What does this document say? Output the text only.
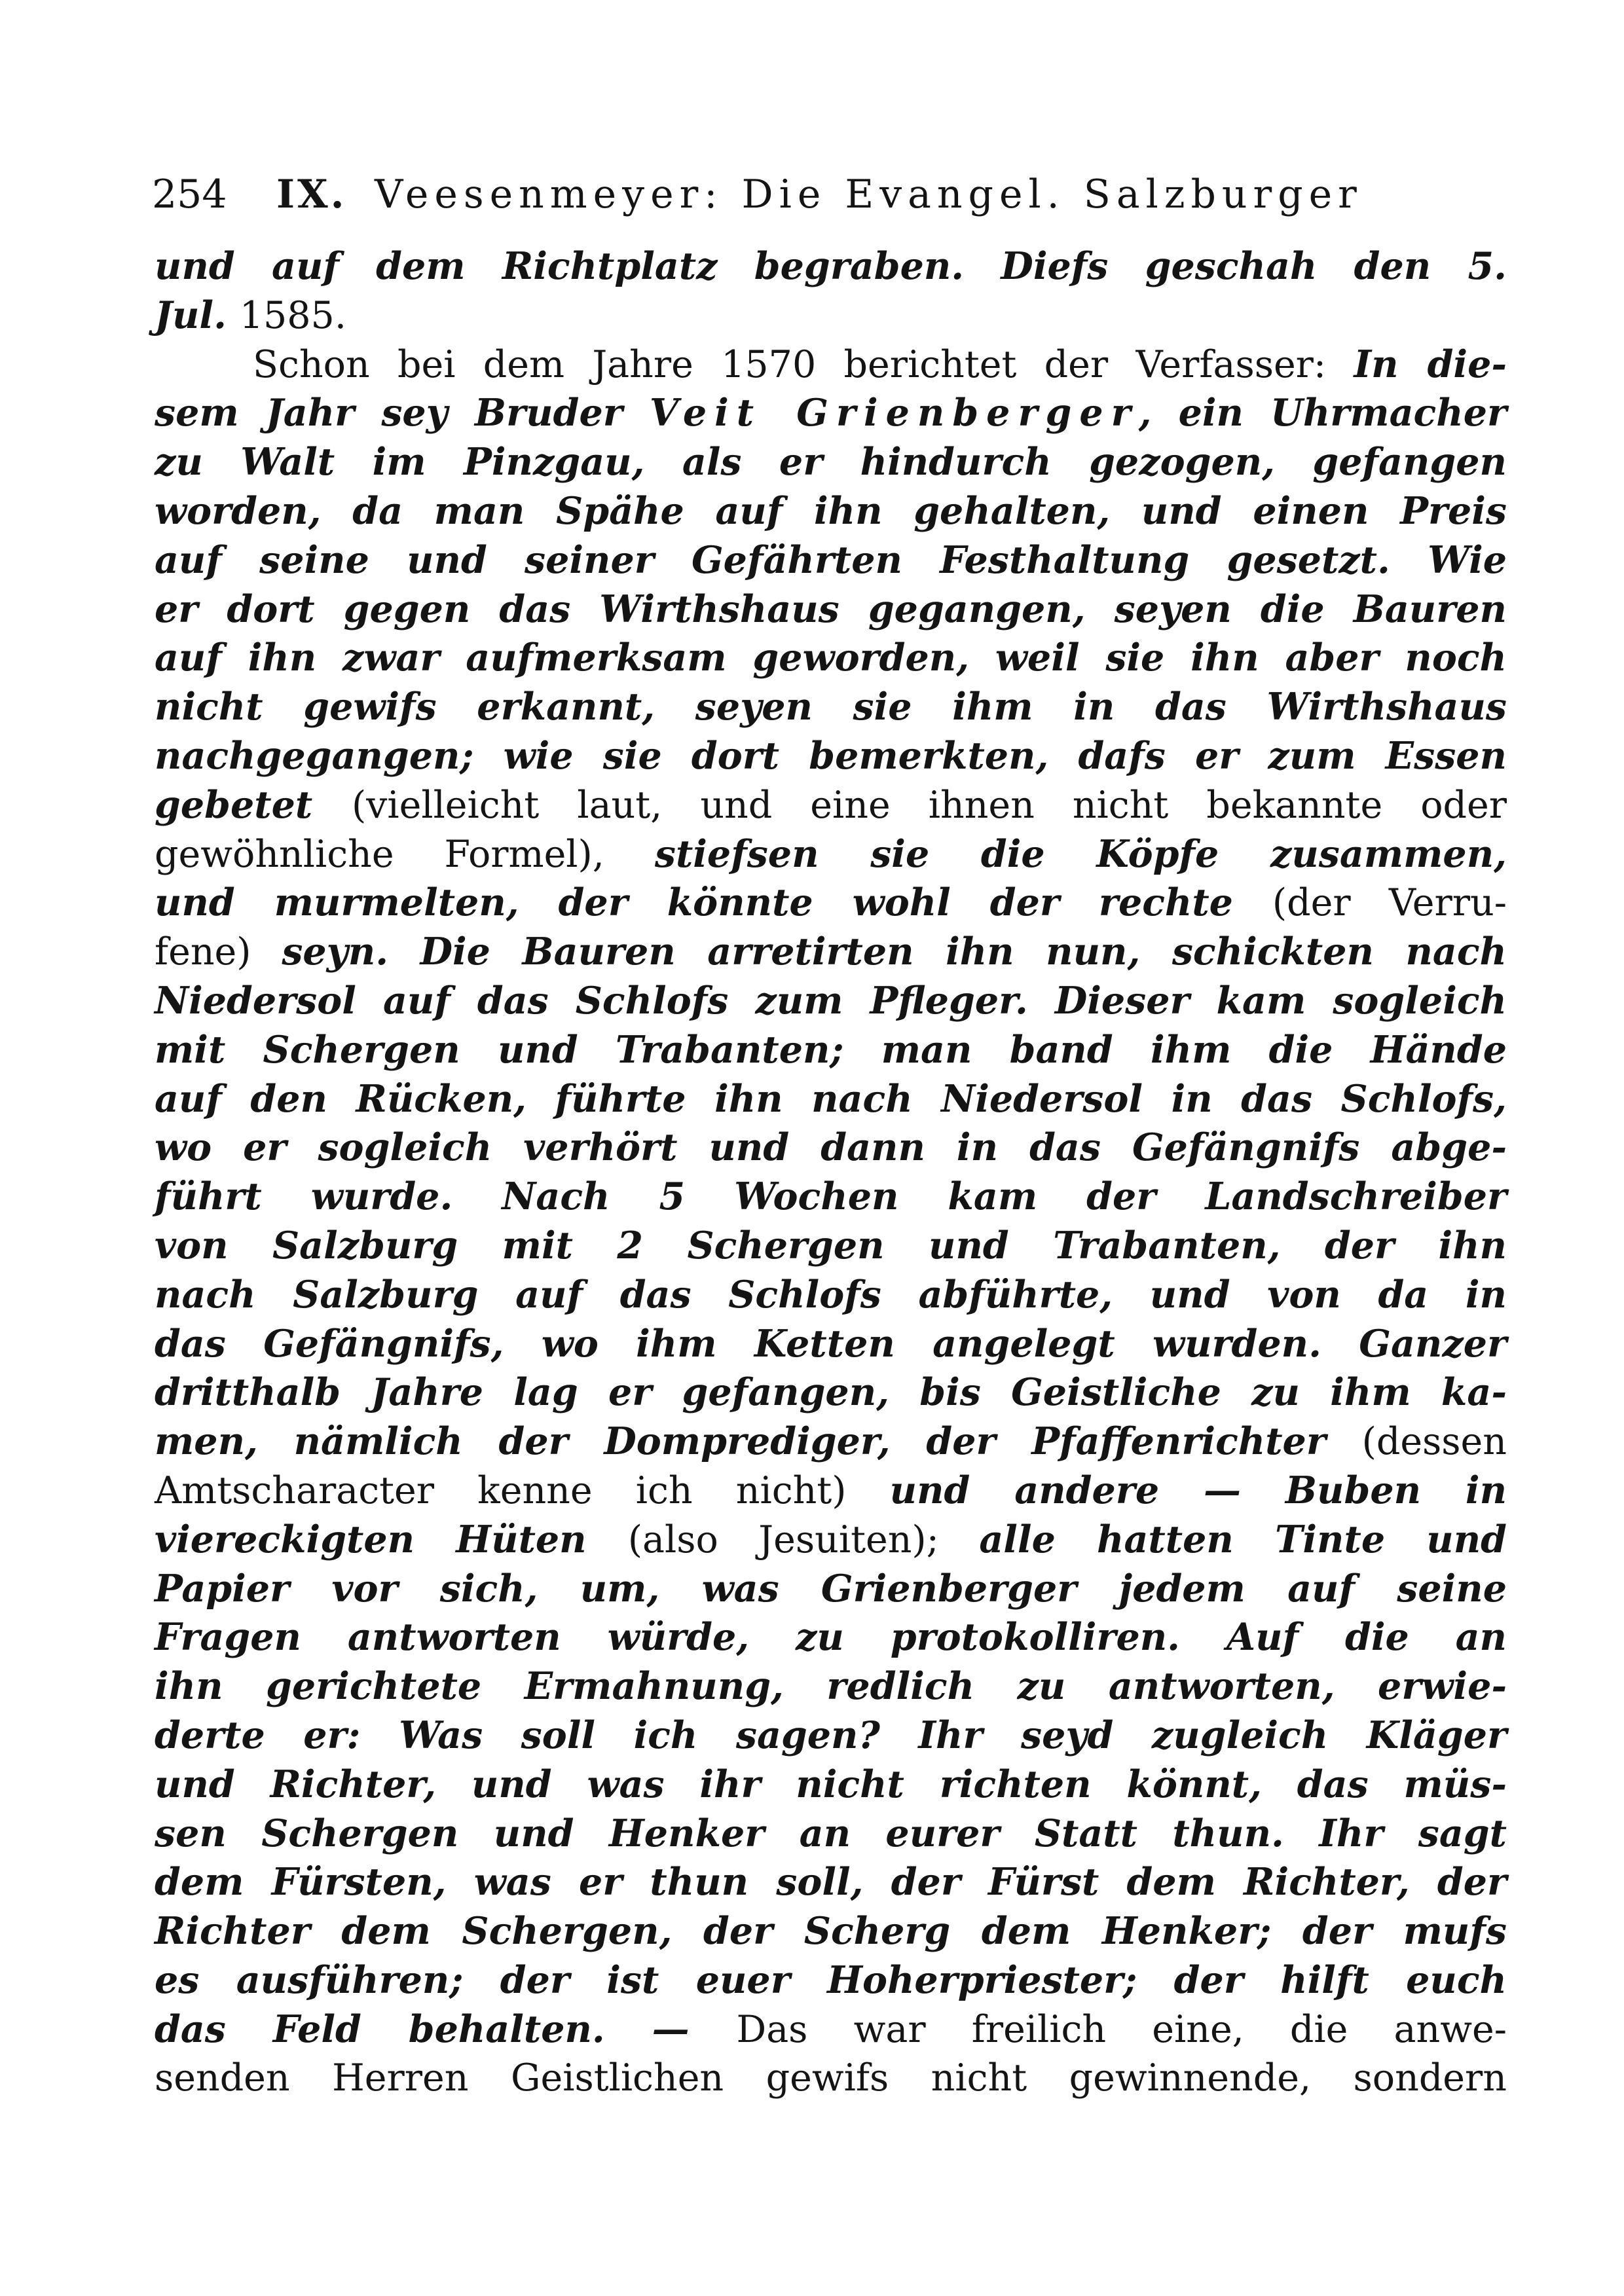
254	IX. Veesenmeyer: Die Evangel. Salzburger
und auf dem Richtplatz begraben. Diefs geschah den 5.
Jul. 1585.
Schon bei dem Jahre 1570 berichtet der Verfasser: In die-
sem Jahr sey Bruder Veit Grienberger, ein Uhrmacher
zu Walt im Pinzgau, als er hindurch gezogen, gefangen
worden, da man Spähe auf ihn gehalten, und einen Preis
auf seine und seiner Gefährten Festhaltung gesetzt. Wie
er dort gegen das Wirthshaus gegangen, seyen die Bauren
auf ihn zwar aufmerksam geworden, weil sie ihn aber noch
nicht gewifs erkannt, seyen sie ihm in das Wirthshaus
nachgegangen; wie sie dort bemerkten, dafs er zum Essen
gebetet (vielleicht laut, und eine ihnen nicht bekannte oder
gewöhnliche Formel), stiefsen sie die Köpfe zusammen,
und murmelten, der könnte wohl der rechte (der Verru-
fene) seyn. Die Bauren arretirten ihn nun, schickten nach
Niedersol auf das Schlofs zum Pfleger. Dieser kam sogleich
mit Schergen und Trabanten; man band ihm die Hände
auf den Rücken, führte ihn nach Niedersol in das Schlofs,
wo er sogleich verhört und dann in das Gefängnifs abge-
führt wurde. Nach 5 Wochen kam der Landschreiber
von Salzburg mit 2 Schergen und Trabanten, der ihn
nach Salzburg auf das Schlofs abführte, und von da in
das Gefängnifs, wo ihm Ketten angelegt wurden. Ganzer
dritthalb Jahre lag er gefangen, bis Geistliche zu ihm ka-
men, nämlich der Domprediger, der Pfaffenrichter (dessen
Amtscharacter kenne ich nicht) und andere — Buben in
viereckigten Hüten (also Jesuiten); alle hatten Tinte und
Papier vor sich, um, was Grienberger jedem auf seine
Fragen antworten würde, zu protokolliren. Auf die an
ihn gerichtete Ermahnung, redlich zu antworten, erwie-
derte er: Was soll ich sagen? Ihr seyd zugleich Kläger
und Richter, und was ihr nicht richten könnt, das müs-
sen Schergen und Henker an eurer Statt thun. Ihr sagt
dem Fürsten, was er thun soll, der Fürst dem Richter, der
Richter dem Schergen, der Scherg dem Henker; der mufs
es ausführen; der ist euer Hoherpriester; der hilft euch
das Feld behalten. — Das war freilich eine, die anwe-
senden Herren Geistlichen gewifs nicht gewinnende, sondern
